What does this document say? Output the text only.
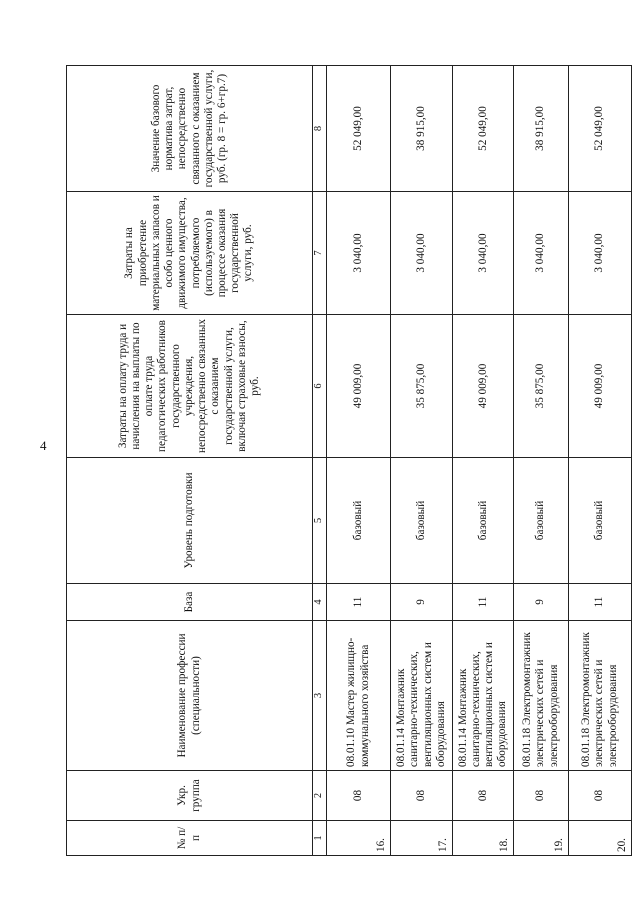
4
№ п/п	Укр. группа	Наименование профессии (специальности)	База	Уровень подготовки	Затраты на оплату труда и начисления на выплаты по оплате труда педагогических работников государственного учреждения, непосредственно связанных с оказанием государственной услуги, включая страховые взносы, руб.	Затраты на приобретение материальных запасов и особо ценного движимого имущества, потребляемого (используемого) в процессе оказания государственной услуги, руб.	Значение базового норматива затрат, непосредственно связанного с оказанием государственной услуги, руб. (гр. 8 = гр. 6+гр.7)
1	2	3	4	5	6	7	8
16.	08	08.01.10 Мастер жилищно-коммунального хозяйства	11	базовый	49 009,00	3 040,00	52 049,00
17.	08	08.01.14 Монтажник санитарно-технических, вентиляционных систем и оборудования	9	базовый	35 875,00	3 040,00	38 915,00
18.	08	08.01.14 Монтажник санитарно-технических, вентиляционных систем и оборудования	11	базовый	49 009,00	3 040,00	52 049,00
19.	08	08.01.18 Электромонтажник электрических сетей и электрооборудования	9	базовый	35 875,00	3 040,00	38 915,00
20.	08	08.01.18 Электромонтажник электрических сетей и электрооборудования	11	базовый	49 009,00	3 040,00	52 049,00
